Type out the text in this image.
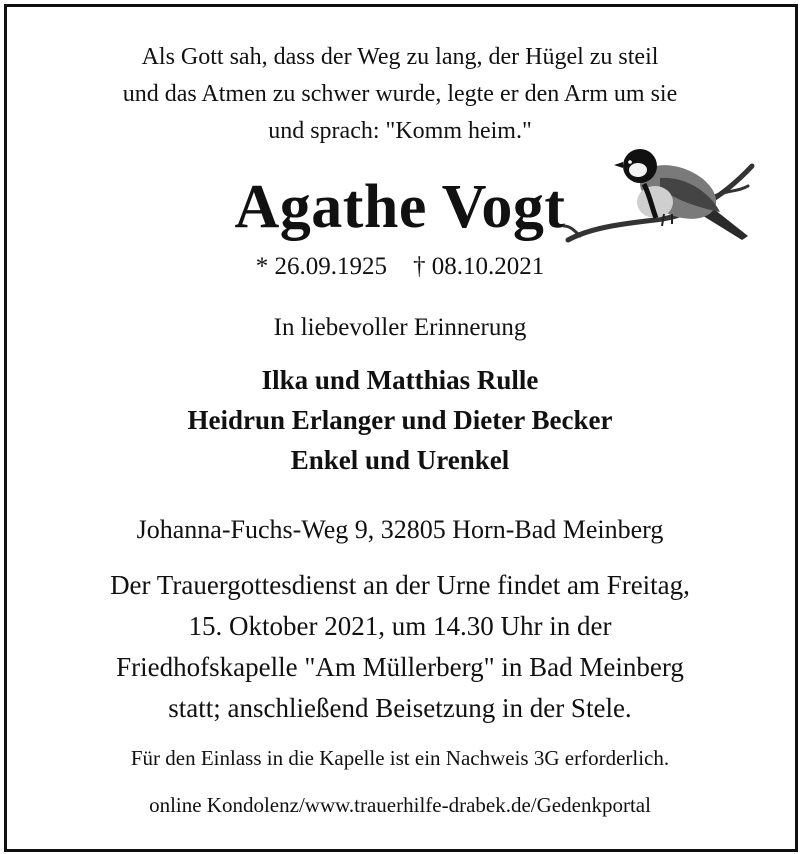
Als Gott sah, dass der Weg zu lang, der Hügel zu steil
und das Atmen zu schwer wurde, legte er den Arm um sie
und sprach: "Komm heim."
Agathe Vogt
* 26.09.1925 † 08.10.2021
In liebevoller Erinnerung
Ilka und Matthias Rulle
Heidrun Erlanger und Dieter Becker
Enkel und Urenkel
Johanna-Fuchs-Weg 9, 32805 Horn-Bad Meinberg
Der Trauergottesdienst an der Urne findet am Freitag,
15. Oktober 2021, um 14.30 Uhr in der
Friedhofskapelle "Am Müllerberg" in Bad Meinberg
statt; anschließend Beisetzung in der Stele.
Für den Einlass in die Kapelle ist ein Nachweis 3G erforderlich.
online Kondolenz/www.trauerhilfe-drabek.de/Gedenkportal
